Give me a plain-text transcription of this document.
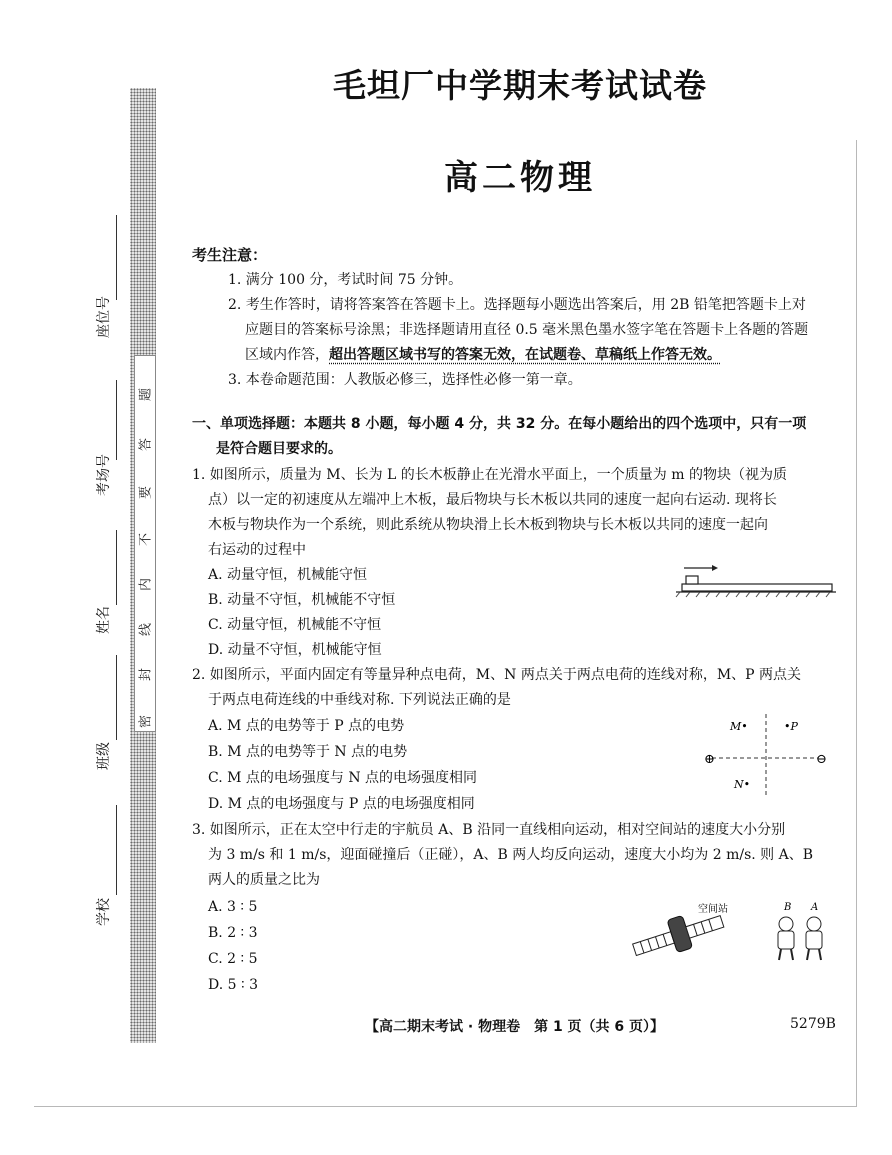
密
封
线
内
不
要
答
题
座位号
考场号
姓名
班级
学校
毛坦厂中学期末考试试卷
高二物理
考生注意：
1. 满分 100 分，考试时间 75 分钟。
2. 考生作答时，请将答案答在答题卡上。选择题每小题选出答案后，用 2B 铅笔把答题卡上对
应题目的答案标号涂黑；非选择题请用直径 0.5 毫米黑色墨水签字笔在答题卡上各题的答题
区域内作答，超出答题区域书写的答案无效，在试题卷、草稿纸上作答无效。
3. 本卷命题范围：人教版必修三，选择性必修一第一章。
一、单项选择题：本题共 8 小题，每小题 4 分，共 32 分。在每小题给出的四个选项中，只有一项
是符合题目要求的。
1. 如图所示，质量为 M、长为 L 的长木板静止在光滑水平面上，一个质量为 m 的物块（视为质
点）以一定的初速度从左端冲上木板，最后物块与长木板以共同的速度一起向右运动. 现将长
木板与物块作为一个系统，则此系统从物块滑上长木板到物块与长木板以共同的速度一起向
右运动的过程中
A. 动量守恒，机械能守恒
B. 动量不守恒，机械能不守恒
C. 动量守恒，机械能不守恒
D. 动量不守恒，机械能守恒
2. 如图所示，平面内固定有等量异种点电荷，M、N 两点关于两点电荷的连线对称，M、P 两点关
于两点电荷连线的中垂线对称. 下列说法正确的是
A. M 点的电势等于 P 点的电势
B. M 点的电势等于 N 点的电势
C. M 点的电场强度与 N 点的电场强度相同
D. M 点的电场强度与 P 点的电场强度相同
⊕	⊖
M•	•P
N•
3. 如图所示，正在太空中行走的宇航员 A、B 沿同一直线相向运动，相对空间站的速度大小分别
为 3 m/s 和 1 m/s，迎面碰撞后（正碰），A、B 两人均反向运动，速度大小均为 2 m/s. 则 A、B
两人的质量之比为
A. 3 ∶ 5
B. 2 ∶ 3
C. 2 ∶ 5
D. 5 ∶ 3
空间站	B A
【高二期末考试 · 物理卷　第 1 页（共 6 页）】	5279B
